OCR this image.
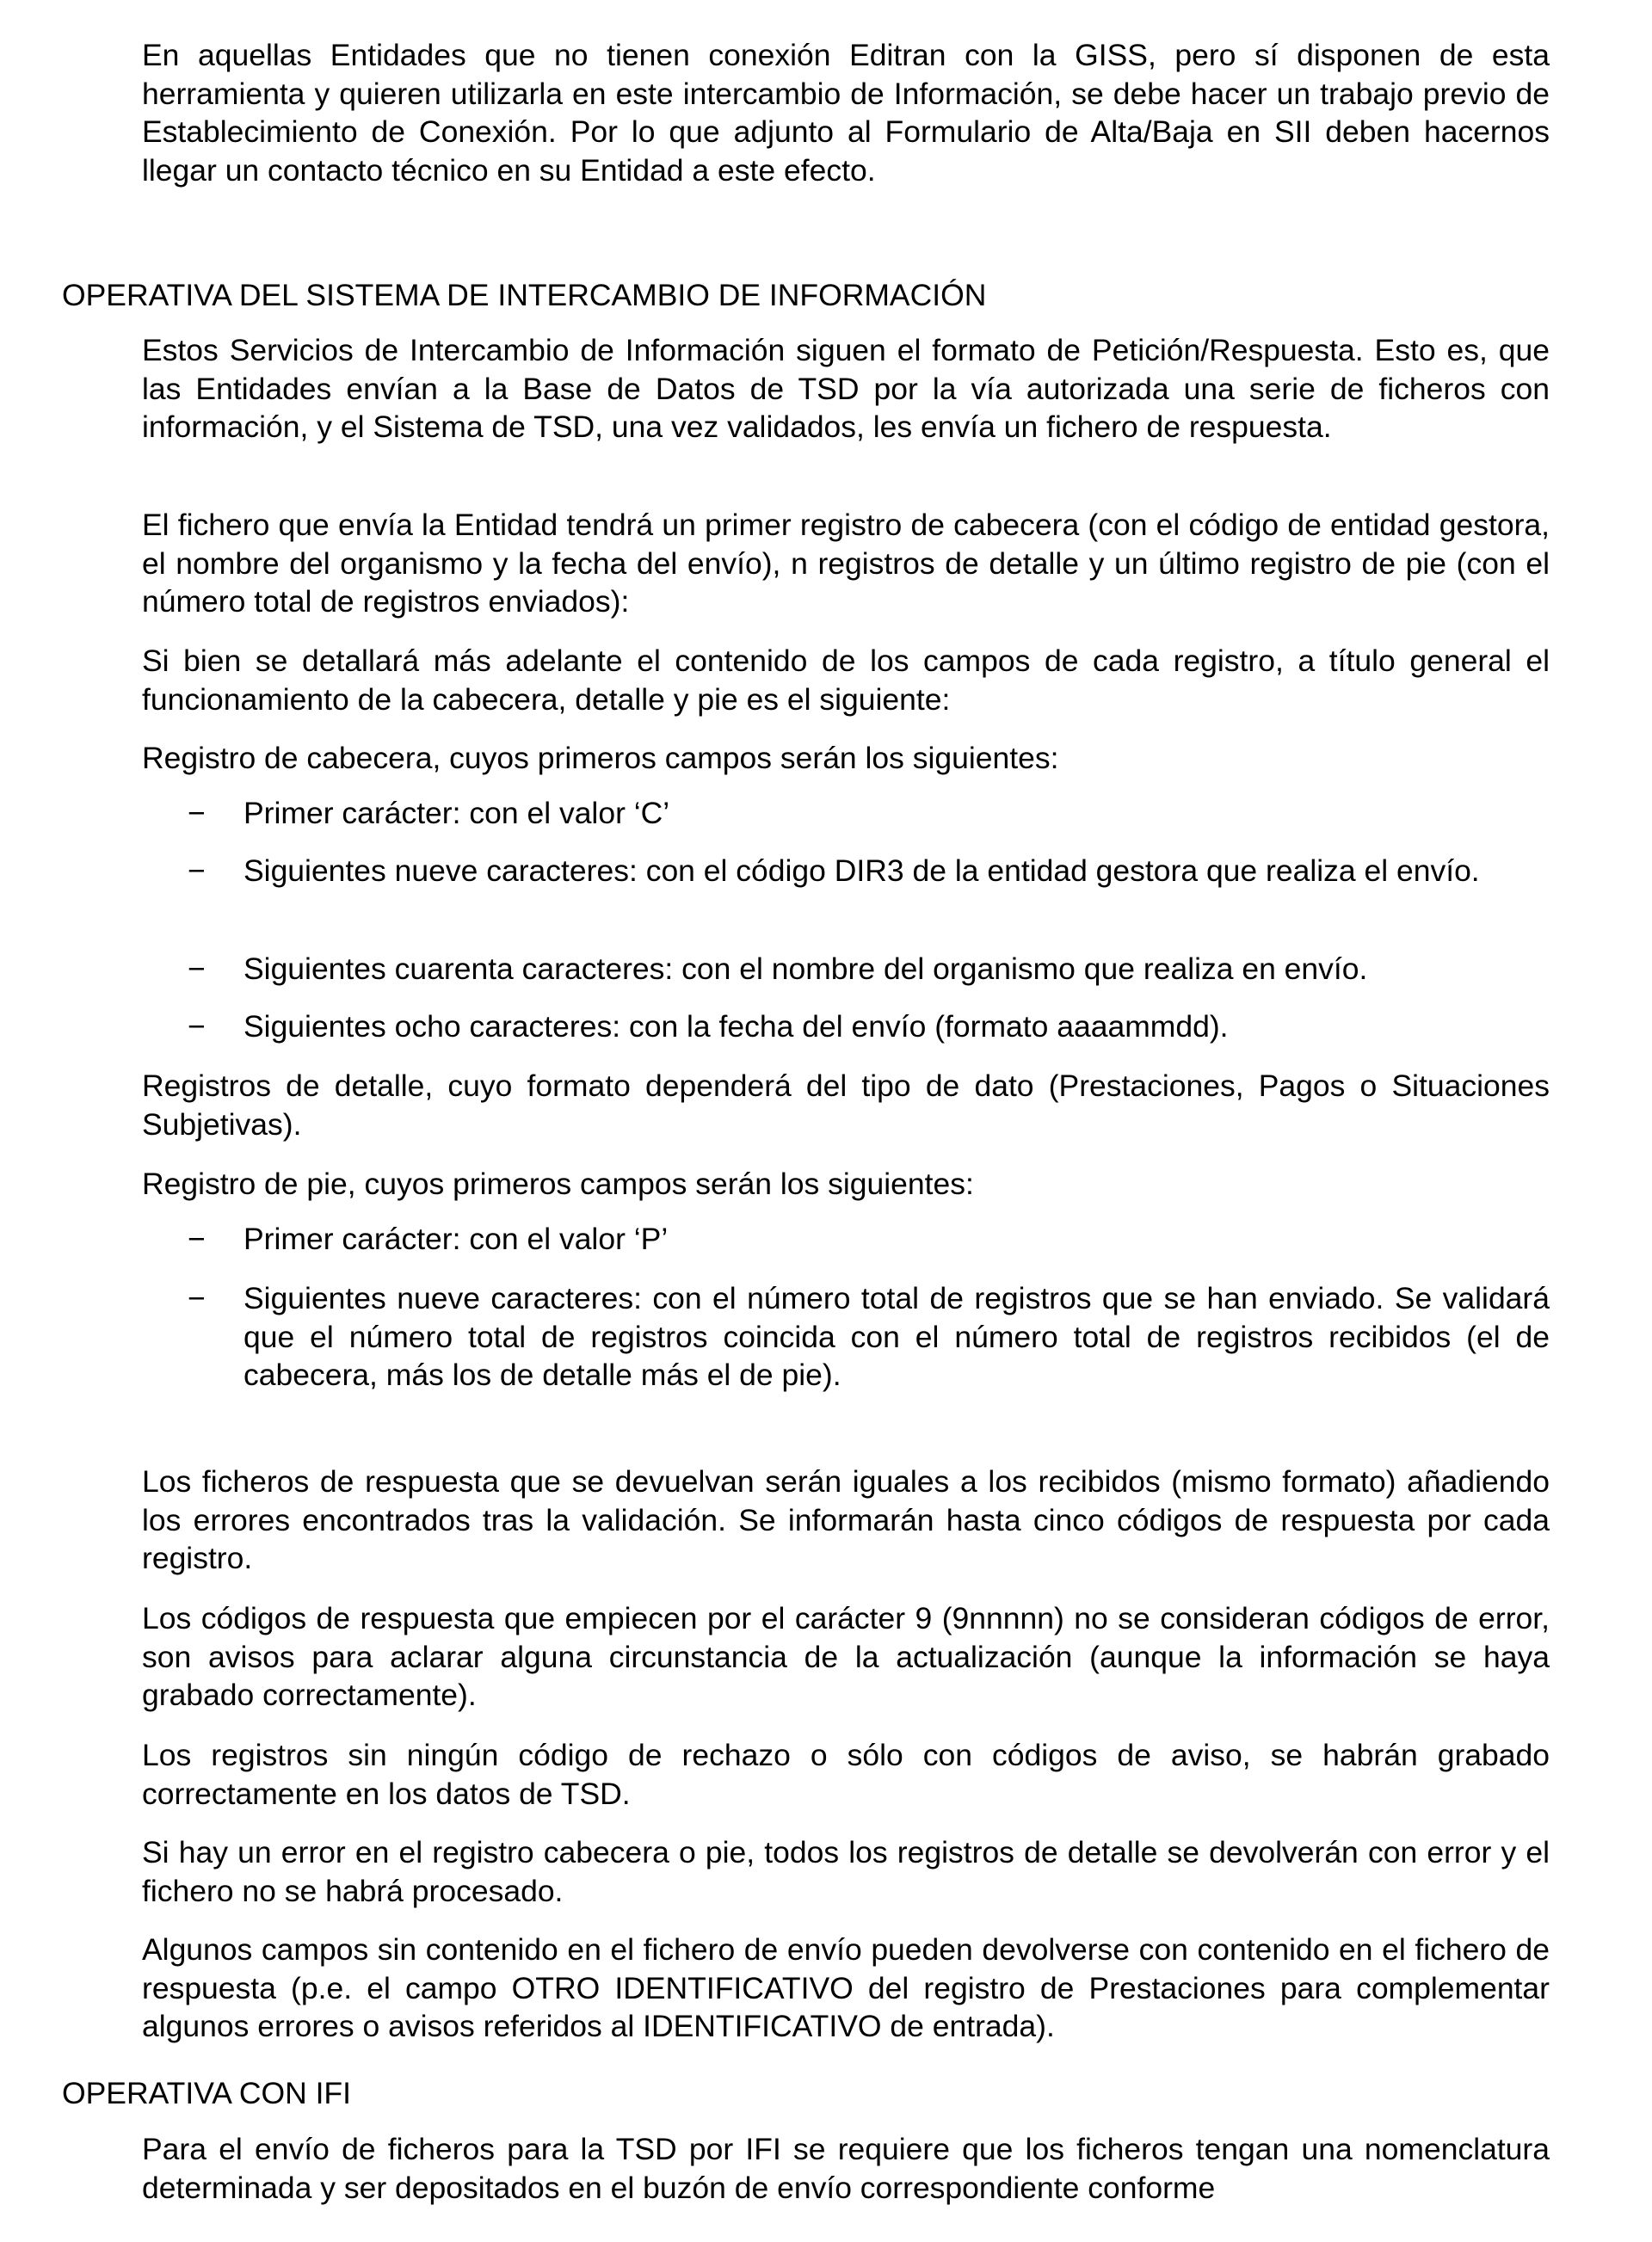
En aquellas Entidades que no tienen conexión Editran con la GISS, pero sí disponen de esta herramienta y quieren utilizarla en este intercambio de Información, se debe hacer un trabajo previo de Establecimiento de Conexión. Por lo que adjunto al Formulario de Alta/Baja en SII deben hacernos llegar un contacto técnico en su Entidad a este efecto.

OPERATIVA DEL SISTEMA DE INTERCAMBIO DE INFORMACIÓN

Estos Servicios de Intercambio de Información siguen el formato de Petición/Respuesta. Esto es, que las Entidades envían a la Base de Datos de TSD por la vía autorizada una serie de ficheros con información, y el Sistema de TSD, una vez validados, les envía un fichero de respuesta.

El fichero que envía la Entidad tendrá un primer registro de cabecera (con el código de entidad gestora, el nombre del organismo y la fecha del envío), n registros de detalle y un último registro de pie (con el número total de registros enviados):

Si bien se detallará más adelante el contenido de los campos de cada registro, a título general el funcionamiento de la cabecera, detalle y pie es el siguiente:

Registro de cabecera, cuyos primeros campos serán los siguientes:

− Primer carácter: con el valor ‘C’

− Siguientes nueve caracteres: con el código DIR3 de la entidad gestora que realiza el envío.

− Siguientes cuarenta caracteres: con el nombre del organismo que realiza en envío.

− Siguientes ocho caracteres: con la fecha del envío (formato aaaammdd).

Registros de detalle, cuyo formato dependerá del tipo de dato (Prestaciones, Pagos o Situaciones Subjetivas).

Registro de pie, cuyos primeros campos serán los siguientes:

− Primer carácter: con el valor ‘P’

− Siguientes nueve caracteres: con el número total de registros que se han enviado. Se validará que el número total de registros coincida con el número total de registros recibidos (el de cabecera, más los de detalle más el de pie).

Los ficheros de respuesta que se devuelvan serán iguales a los recibidos (mismo formato) añadiendo los errores encontrados tras la validación. Se informarán hasta cinco códigos de respuesta por cada registro.

Los códigos de respuesta que empiecen por el carácter 9 (9nnnnn) no se consideran códigos de error, son avisos para aclarar alguna circunstancia de la actualización (aunque la información se haya grabado correctamente).

Los registros sin ningún código de rechazo o sólo con códigos de aviso, se habrán grabado correctamente en los datos de TSD.

Si hay un error en el registro cabecera o pie, todos los registros de detalle se devolverán con error y el fichero no se habrá procesado.

Algunos campos sin contenido en el fichero de envío pueden devolverse con contenido en el fichero de respuesta (p.e. el campo OTRO IDENTIFICATIVO del registro de Prestaciones para complementar algunos errores o avisos referidos al IDENTIFICATIVO de entrada).

OPERATIVA CON IFI

Para el envío de ficheros para la TSD por IFI se requiere que los ficheros tengan una nomenclatura determinada y ser depositados en el buzón de envío correspondiente conforme
